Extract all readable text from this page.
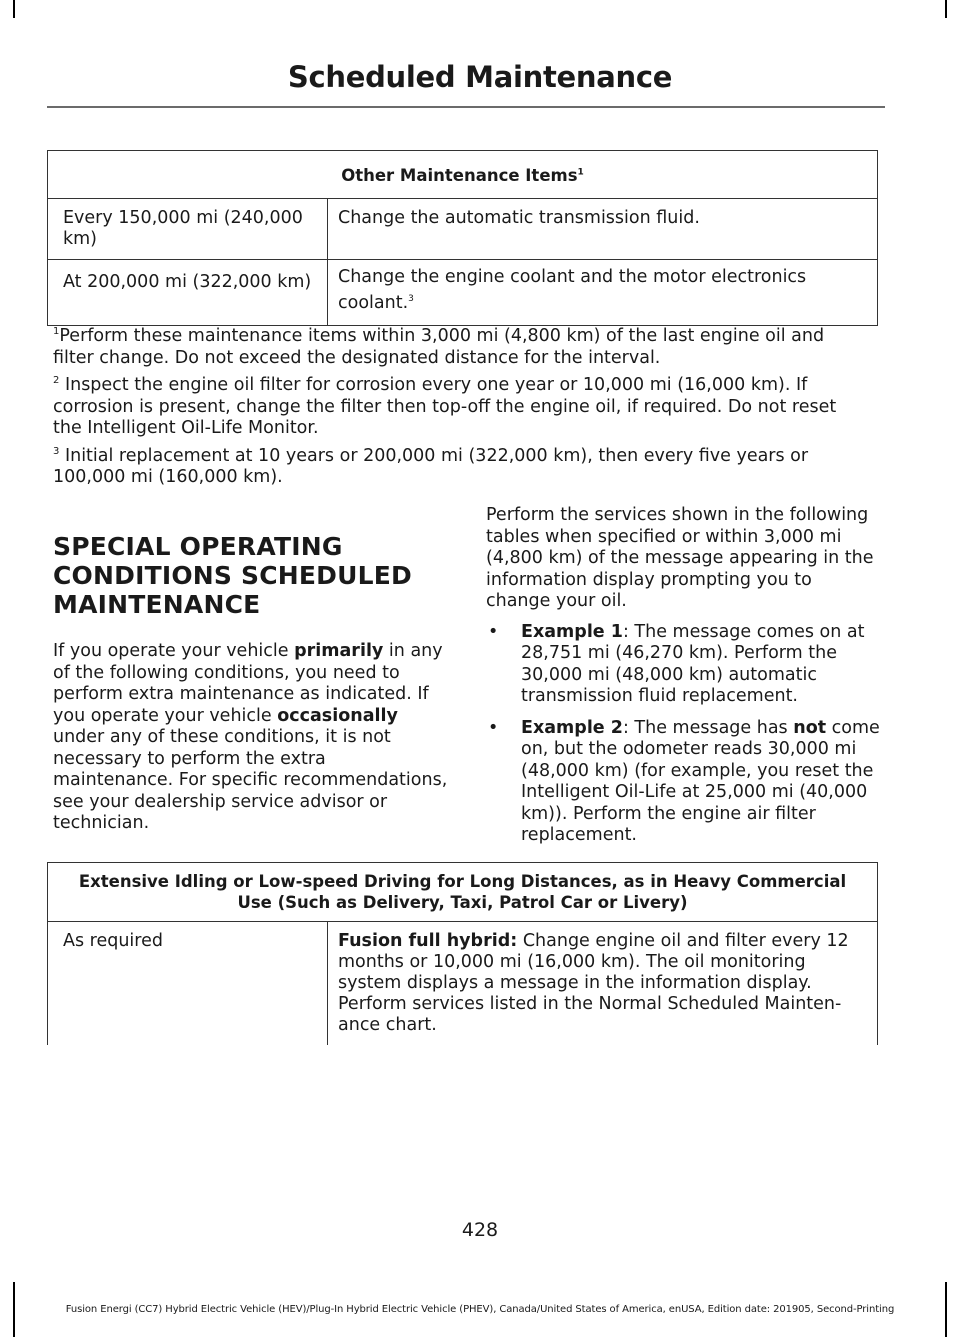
Scheduled Maintenance
Other Maintenance Items$^1$
Every 150,000 mi (240,000 km)	Change the automatic transmission fluid.
At 200,000 mi (322,000 km)	Change the engine coolant and the motor electronics coolant.$^3$

$^1$Perform these maintenance items within 3,000 mi (4,800 km) of the last engine oil and filter change. Do not exceed the designated distance for the interval.

$^2$ Inspect the engine oil filter for corrosion every one year or 10,000 mi (16,000 km). If corrosion is present, change the filter then top-off the engine oil, if required. Do not reset the Intelligent Oil-Life Monitor.

$^3$ Initial replacement at 10 years or 200,000 mi (322,000 km), then every five years or 100,000 mi (160,000 km).

SPECIAL OPERATING
CONDITIONS SCHEDULED
MAINTENANCE

If you operate your vehicle primarily in any of the following conditions, you need to perform extra maintenance as indicated. If you operate your vehicle occasionally under any of these conditions, it is not necessary to perform the extra maintenance. For specific recommendations, see your dealership service advisor or technician.

Perform the services shown in the following tables when specified or within 3,000 mi (4,800 km) of the message appearing in the information display prompting you to change your oil.

• Example 1: The message comes on at 28,751 mi (46,270 km). Perform the 30,000 mi (48,000 km) automatic transmission fluid replacement.
• Example 2: The message has not come on, but the odometer reads 30,000 mi (48,000 km) (for example, you reset the Intelligent Oil-Life at 25,000 mi (40,000 km)). Perform the engine air filter replacement.
Extensive Idling or Low-speed Driving for Long Distances, as in Heavy Commercial Use (Such as Delivery, Taxi, Patrol Car or Livery)
As required	Fusion full hybrid: Change engine oil and filter every 12 months or 10,000 mi (16,000 km). The oil monitoring system displays a message in the information display. Perform services listed in the Normal Scheduled Mainten-ance chart.
428
Fusion Energi (CC7) Hybrid Electric Vehicle (HEV)/Plug-In Hybrid Electric Vehicle (PHEV), Canada/United States of America, enUSA, Edition date: 201905, Second-Printing
